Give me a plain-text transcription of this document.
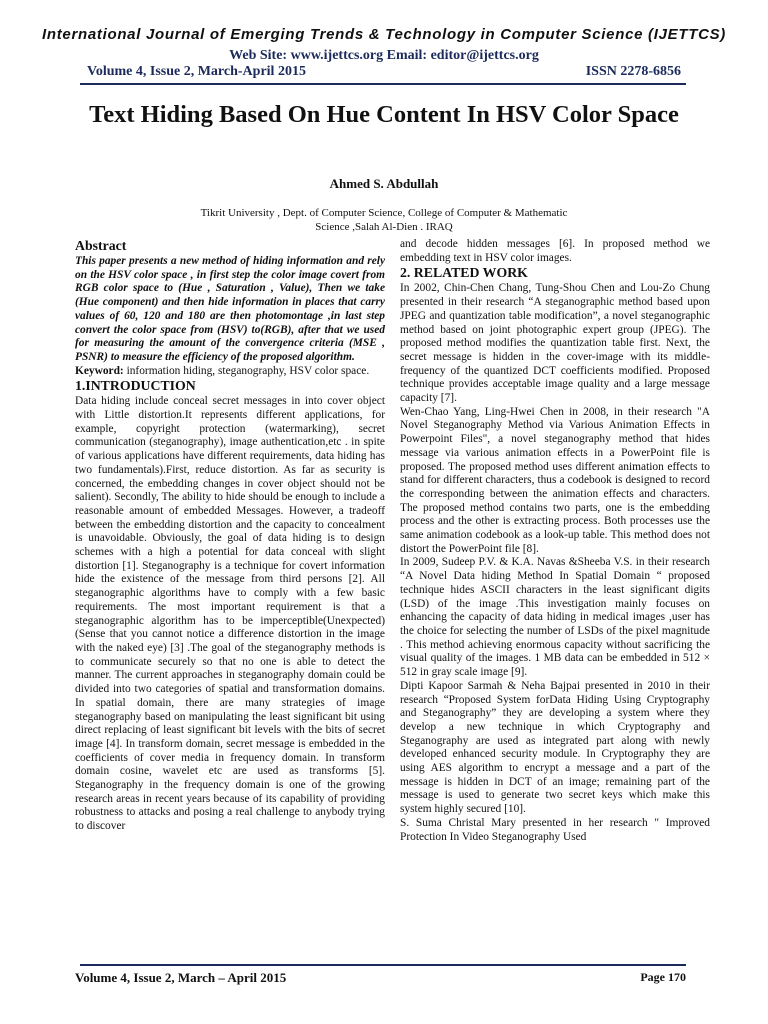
International Journal of Emerging Trends & Technology in Computer Science (IJETTCS)
Web Site: www.ijettcs.org Email: editor@ijettcs.org
Volume 4, Issue 2, March-April 2015	ISSN 2278-6856
Text Hiding Based On Hue Content In HSV Color Space
Ahmed S. Abdullah
Tikrit University , Dept. of Computer Science, College of Computer & Mathematic
Science ,Salah Al-Dien . IRAQ
Abstract

This paper presents a new method of hiding information and rely on the HSV color space , in first step the color image covert from RGB color space to (Hue , Saturation , Value), Then we take (Hue component) and then hide information in places that carry values of 60, 120 and 180 are then photomontage ,in last step convert the color space from (HSV) to(RGB), after that we used for measuring the amount of the convergence criteria (MSE , PSNR) to measure the efficiency of the proposed algorithm.

Keyword: information hiding, steganography, HSV color space.

1.INTRODUCTION

Data hiding include conceal secret messages in into cover object with Little distortion.It represents different applications, for example, copyright protection (watermarking), secret communication (steganography), image authentication,etc . in spite of various applications have different requirements, data hiding has two fundamentals).First, reduce distortion. As far as security is concerned, the embedding changes in cover object should not be salient). Secondly, The ability to hide should be enough to include a reasonable amount of embedded Messages. However, a tradeoff between the embedding distortion and the capacity to concealment is unavoidable. Obviously, the goal of data hiding is to design schemes with a high a potential for data conceal with slight distortion [1]. Steganography is a technique for covert information hide the existence of the message from third persons [2]. All steganographic algorithms have to comply with a few basic requirements. The most important requirement is that a steganographic algorithm has to be imperceptible(Unexpected) (Sense that you cannot notice a difference distortion in the image with the naked eye) [3] .The goal of the steganography methods is to communicate securely so that no one is able to detect the manner. The current approaches in steganography domain could be divided into two categories of spatial and transformation domains. In spatial domain, there are many strategies of image steganography based on manipulating the least significant bit using direct replacing of least significant bit levels with the bits of secret image [4]. In transform domain, secret message is embedded in the coefficients of cover media in frequency domain. In transform domain cosine, wavelet etc are used as transforms [5]. Steganography in the frequency domain is one of the growing research areas in recent years because of its capability of providing robustness to attacks and posing a real challenge to anybody trying to discover

and decode hidden messages [6]. In proposed method we embedding text in HSV color images.

2. RELATED WORK

In 2002, Chin-Chen Chang, Tung-Shou Chen and Lou-Zo Chung presented in their research “A steganographic method based upon JPEG and quantization table modification”, a novel steganographic method based on joint photographic expert group (JPEG). The proposed method modifies the quantization table first. Next, the secret message is hidden in the cover-image with its middle-frequency of the quantized DCT coefficients modified. Proposed technique provides acceptable image quality and a large message capacity [7].

Wen-Chao Yang, Ling-Hwei Chen in 2008, in their research "A Novel Steganography Method via Various Animation Effects in Powerpoint Files", a novel steganography method that hides message via various animation effects in a PowerPoint file is proposed. The proposed method uses different animation effects to stand for different characters, thus a codebook is designed to record the corresponding between the animation effects and characters. The proposed method contains two parts, one is the embedding process and the other is extracting process. Both processes use the same animation codebook as a look-up table. This method does not distort the PowerPoint file [8].

In 2009, Sudeep P.V. & K.A. Navas &Sheeba V.S. in their research “A Novel Data hiding Method In Spatial Domain “ proposed technique hides ASCII characters in the least significant digits (LSD) of the image .This investigation mainly focuses on enhancing the capacity of data hiding in medical images ,user has the choice for selecting the number of LSDs of the pixel magnitude . This method achieving enormous capacity without sacrificing the visual quality of the images. 1 MB data can be embedded in 512 × 512 in gray scale image [9].

Dipti Kapoor Sarmah & Neha Bajpai presented in 2010 in their research “Proposed System forData Hiding Using Cryptography and Steganography” they are developing a system where they develop a new technique in which Cryptography and Steganography are used as integrated part along with newly developed enhanced security module. In Cryptography they are using AES algorithm to encrypt a message and a part of the message is hidden in DCT of an image; remaining part of the message is used to generate two secret keys which make this system highly secured [10].

S. Suma Christal Mary presented in her research " Improved Protection In Video Steganography Used

Volume 4, Issue 2, March – April 2015	Page 170
